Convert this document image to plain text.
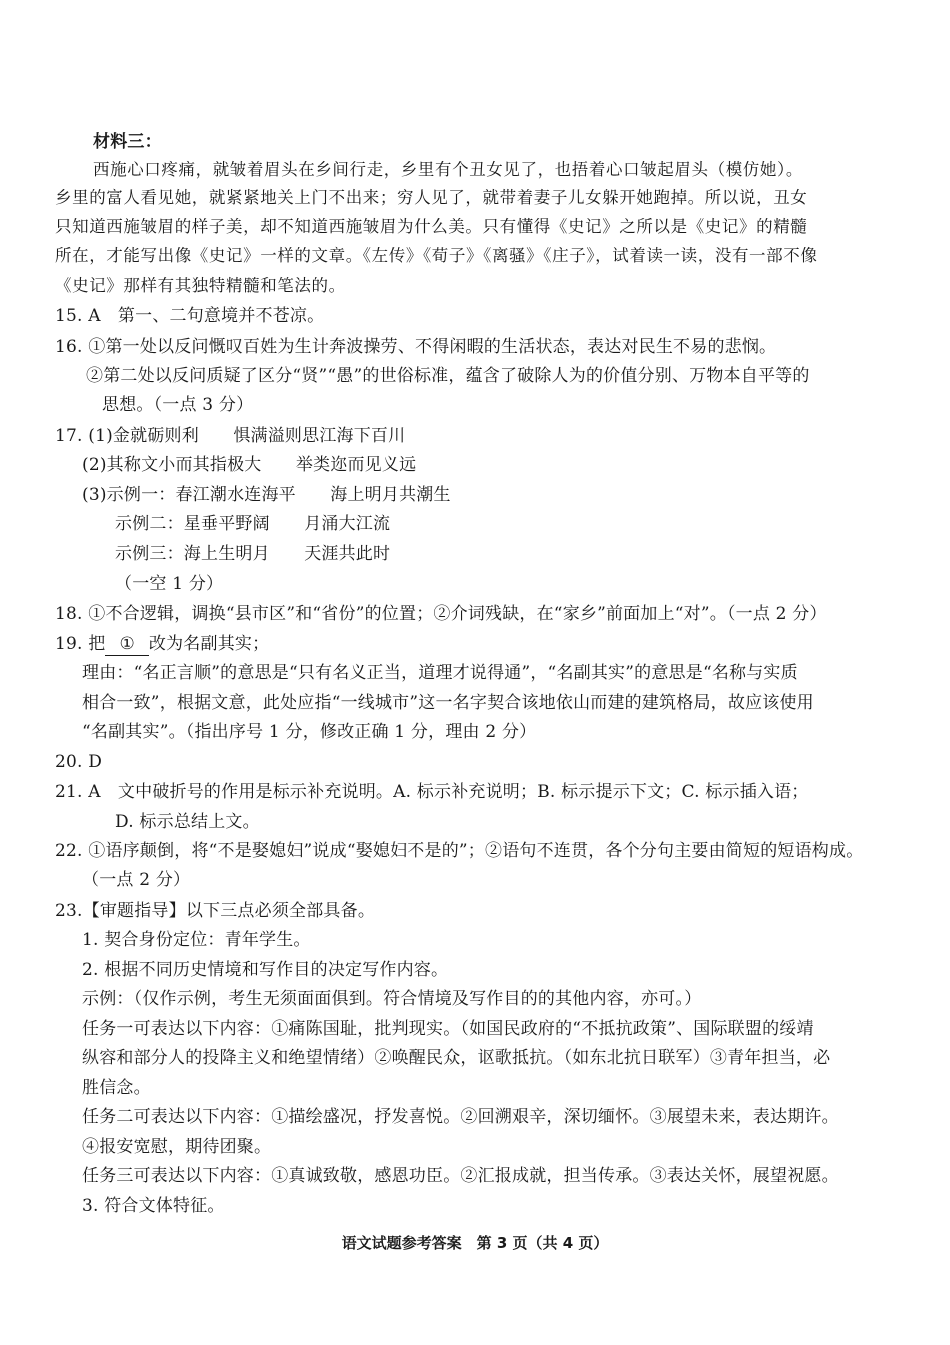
材料三：
西施心口疼痛，就皱着眉头在乡间行走，乡里有个丑女见了，也捂着心口皱起眉头（模仿她）。
乡里的富人看见她，就紧紧地关上门不出来；穷人见了，就带着妻子儿女躲开她跑掉。所以说，丑女
只知道西施皱眉的样子美，却不知道西施皱眉为什么美。只有懂得《史记》之所以是《史记》的精髓
所在，才能写出像《史记》一样的文章。《左传》《荀子》《离骚》《庄子》，试着读一读，没有一部不像
《史记》那样有其独特精髓和笔法的。
15. A　第一、二句意境并不苍凉。
16. ①第一处以反问慨叹百姓为生计奔波操劳、不得闲暇的生活状态，表达对民生不易的悲悯。
②第二处以反问质疑了区分“贤”“愚”的世俗标准，蕴含了破除人为的价值分别、万物本自平等的
思想。（一点 3 分）
17. (1)金就砺则利　　惧满溢则思江海下百川
(2)其称文小而其指极大　　举类迩而见义远
(3)示例一：春江潮水连海平　　海上明月共潮生
示例二：星垂平野阔　　月涌大江流
示例三：海上生明月　　天涯共此时
（一空 1 分）
18. ①不合逻辑，调换“县市区”和“省份”的位置；②介词残缺，在“家乡”前面加上“对”。（一点 2 分）
19. 把 ① 改为名副其实；
理由：“名正言顺”的意思是“只有名义正当，道理才说得通”，“名副其实”的意思是“名称与实质
相合一致”，根据文意，此处应指“一线城市”这一名字契合该地依山而建的建筑格局，故应该使用
“名副其实”。（指出序号 1 分，修改正确 1 分，理由 2 分）
20. D
21. A　文中破折号的作用是标示补充说明。A. 标示补充说明；B. 标示提示下文；C. 标示插入语；
D. 标示总结上文。
22. ①语序颠倒，将“不是娶媳妇”说成“娶媳妇不是的”；②语句不连贯，各个分句主要由简短的短语构成。
（一点 2 分）
23.【审题指导】以下三点必须全部具备。
1. 契合身份定位：青年学生。
2. 根据不同历史情境和写作目的决定写作内容。
示例：（仅作示例，考生无须面面俱到。符合情境及写作目的的其他内容，亦可。）
任务一可表达以下内容：①痛陈国耻，批判现实。（如国民政府的“不抵抗政策”、国际联盟的绥靖
纵容和部分人的投降主义和绝望情绪）②唤醒民众，讴歌抵抗。（如东北抗日联军）③青年担当，必
胜信念。
任务二可表达以下内容：①描绘盛况，抒发喜悦。②回溯艰辛，深切缅怀。③展望未来，表达期许。
④报安宽慰，期待团聚。
任务三可表达以下内容：①真诚致敬，感恩功臣。②汇报成就，担当传承。③表达关怀，展望祝愿。
3. 符合文体特征。
语文试题参考答案　第 3 页（共 4 页）
